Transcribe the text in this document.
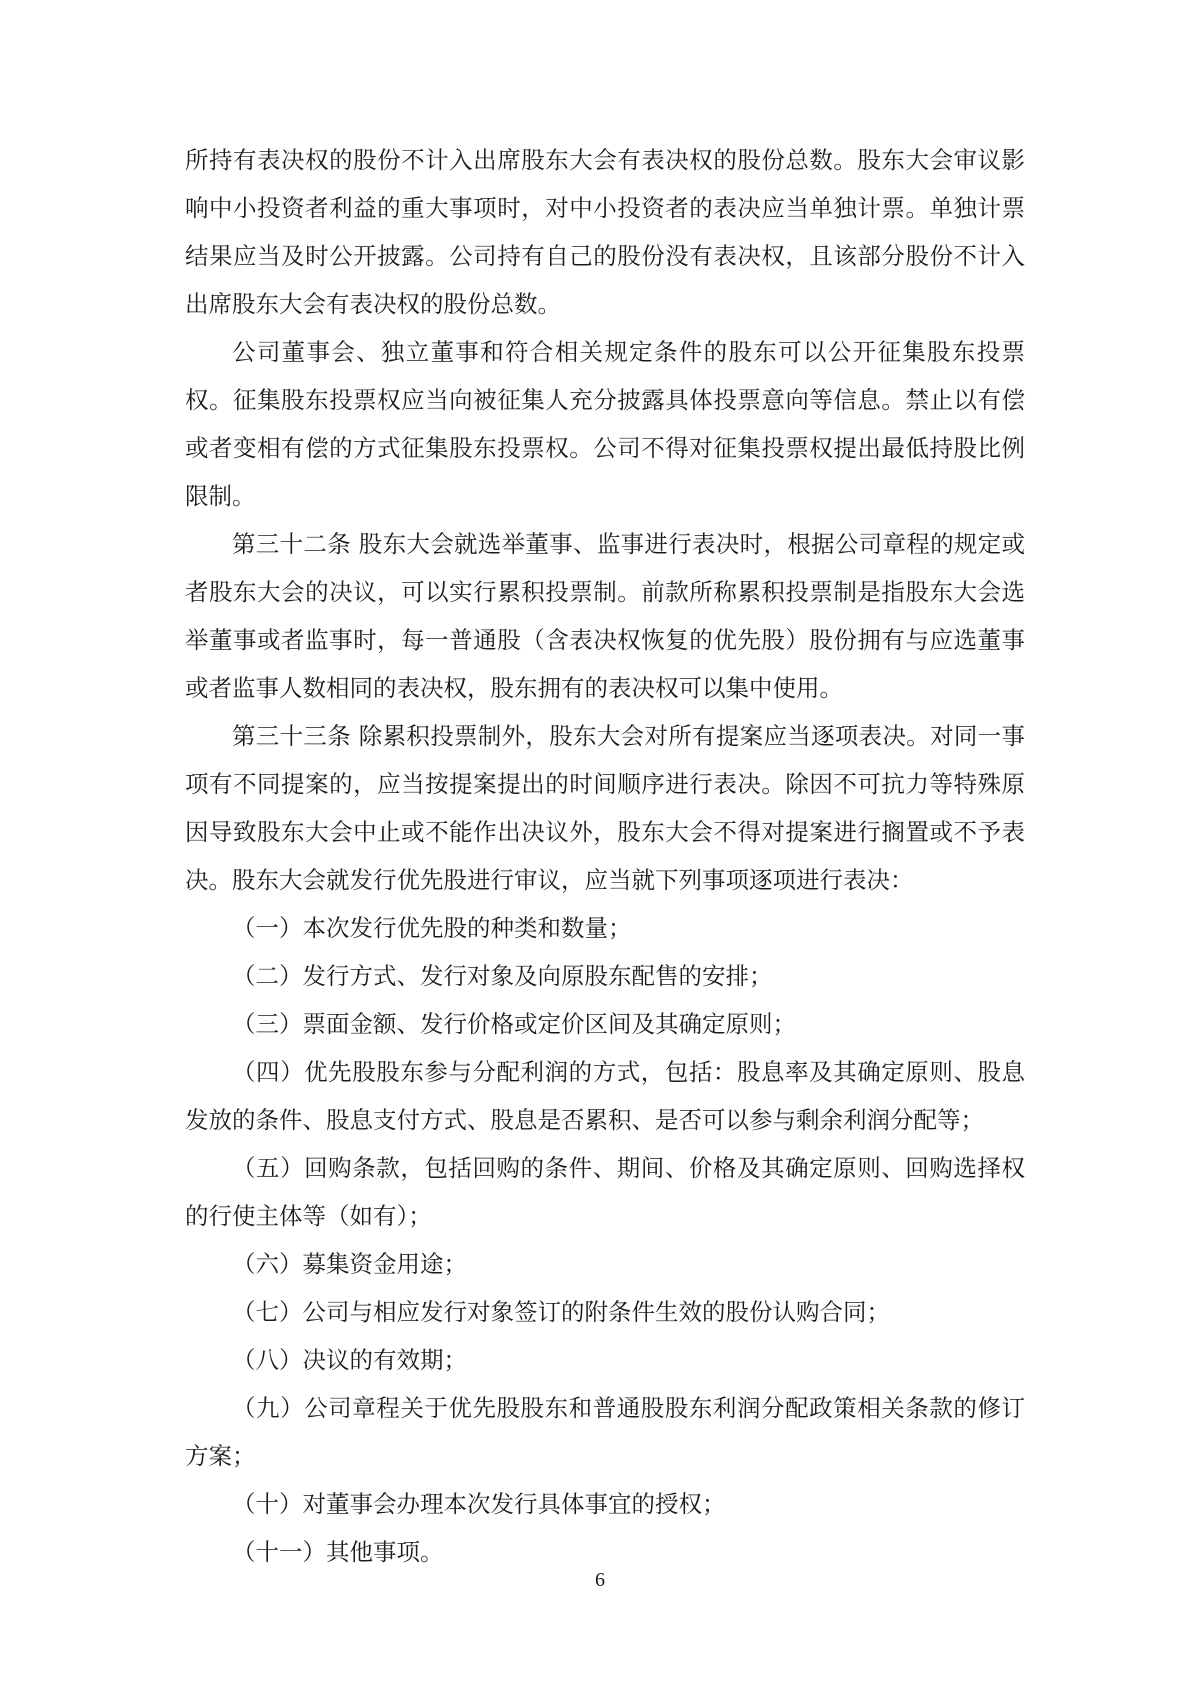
所持有表决权的股份不计入出席股东大会有表决权的股份总数。股东大会审议影响中小投资者利益的重大事项时，对中小投资者的表决应当单独计票。单独计票结果应当及时公开披露。公司持有自己的股份没有表决权，且该部分股份不计入出席股东大会有表决权的股份总数。

公司董事会、独立董事和符合相关规定条件的股东可以公开征集股东投票权。征集股东投票权应当向被征集人充分披露具体投票意向等信息。禁止以有偿或者变相有偿的方式征集股东投票权。公司不得对征集投票权提出最低持股比例限制。

第三十二条 股东大会就选举董事、监事进行表决时，根据公司章程的规定或者股东大会的决议，可以实行累积投票制。前款所称累积投票制是指股东大会选举董事或者监事时，每一普通股（含表决权恢复的优先股）股份拥有与应选董事或者监事人数相同的表决权，股东拥有的表决权可以集中使用。

第三十三条 除累积投票制外，股东大会对所有提案应当逐项表决。对同一事项有不同提案的，应当按提案提出的时间顺序进行表决。除因不可抗力等特殊原因导致股东大会中止或不能作出决议外，股东大会不得对提案进行搁置或不予表决。股东大会就发行优先股进行审议，应当就下列事项逐项进行表决：

（一）本次发行优先股的种类和数量；

（二）发行方式、发行对象及向原股东配售的安排；

（三）票面金额、发行价格或定价区间及其确定原则；

（四）优先股股东参与分配利润的方式，包括：股息率及其确定原则、股息发放的条件、股息支付方式、股息是否累积、是否可以参与剩余利润分配等；

（五）回购条款，包括回购的条件、期间、价格及其确定原则、回购选择权的行使主体等（如有）；

（六）募集资金用途；

（七）公司与相应发行对象签订的附条件生效的股份认购合同；

（八）决议的有效期；

（九）公司章程关于优先股股东和普通股股东利润分配政策相关条款的修订方案；

（十）对董事会办理本次发行具体事宜的授权；

（十一）其他事项。

6
